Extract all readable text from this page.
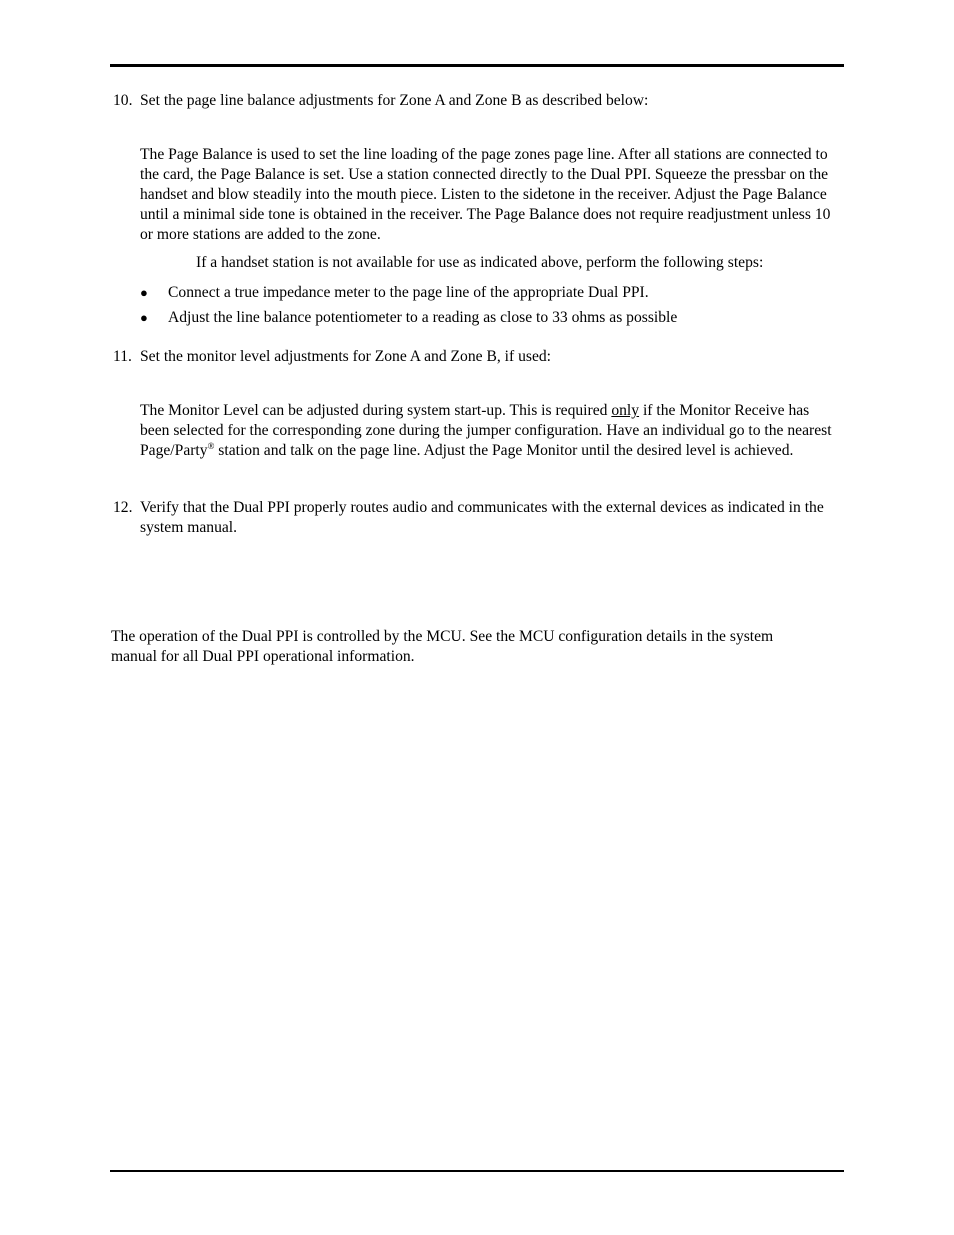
10. Set the page line balance adjustments for Zone A and Zone B as described below:
The Page Balance is used to set the line loading of the page zones page line. After all stations are connected to the card, the Page Balance is set. Use a station connected directly to the Dual PPI. Squeeze the pressbar on the handset and blow steadily into the mouth piece. Listen to the sidetone in the receiver. Adjust the Page Balance until a minimal side tone is obtained in the receiver. The Page Balance does not require readjustment unless 10 or more stations are added to the zone.
If a handset station is not available for use as indicated above, perform the following steps:
● Connect a true impedance meter to the page line of the appropriate Dual PPI.
● Adjust the line balance potentiometer to a reading as close to 33 ohms as possible
11. Set the monitor level adjustments for Zone A and Zone B, if used:
The Monitor Level can be adjusted during system start-up. This is required only if the Monitor Receive has been selected for the corresponding zone during the jumper configuration. Have an individual go to the nearest Page/Party® station and talk on the page line. Adjust the Page Monitor until the desired level is achieved.
12. Verify that the Dual PPI properly routes audio and communicates with the external devices as indicated in the system manual.
The operation of the Dual PPI is controlled by the MCU. See the MCU configuration details in the system manual for all Dual PPI operational information.
